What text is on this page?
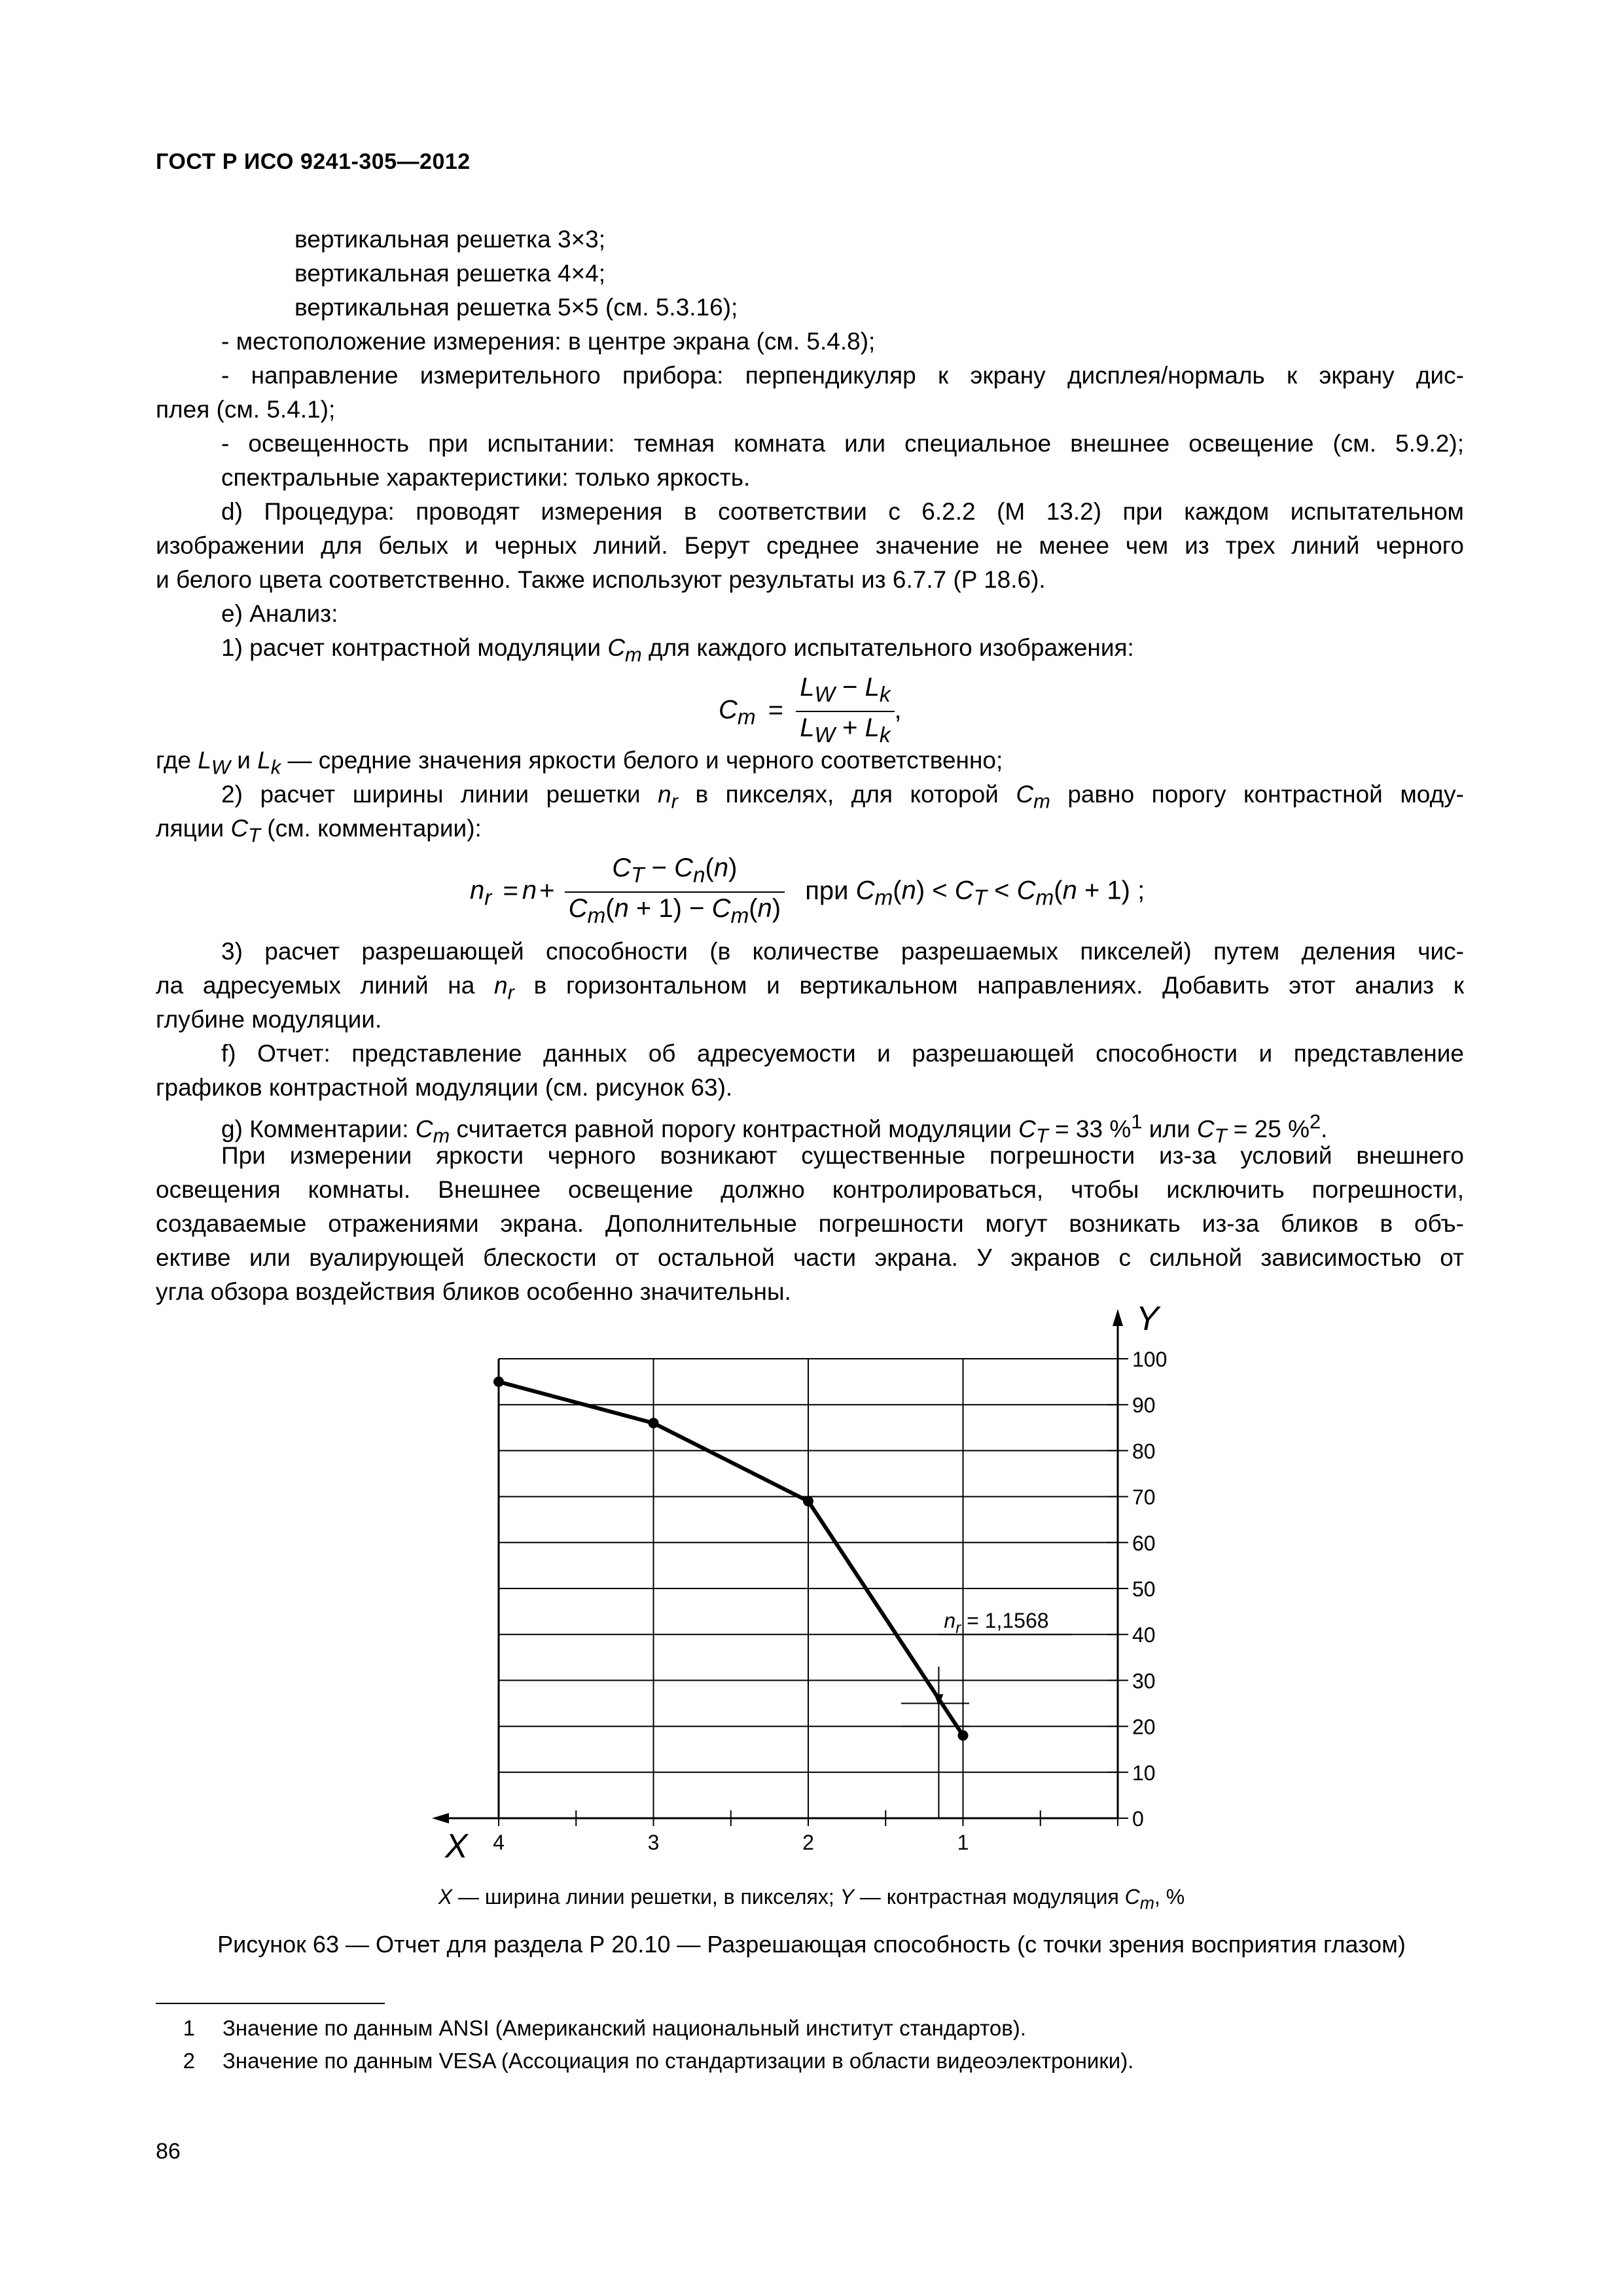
ГОСТ Р ИСО 9241-305—2012
вертикальная решетка 3×3;
вертикальная решетка 4×4;
вертикальная решетка 5×5 (см. 5.3.16);
- местоположение измерения: в центре экрана (см. 5.4.8);
- направление измерительного прибора: перпендикуляр к экрану дисплея/нормаль к экрану дис-
плея (см. 5.4.1);
- освещенность при испытании: темная комната или специальное внешнее освещение (см. 5.9.2);
спектральные характеристики: только яркость.
d) Процедура: проводят измерения в соответствии с 6.2.2 (М 13.2) при каждом испытательном
изображении для белых и черных линий. Берут среднее значение не менее чем из трех линий черного
и белого цвета соответственно. Также используют результаты из 6.7.7 (P 18.6).
e) Анализ:
1) расчет контрастной модуляции $C_m$ для каждого испытательного изображения:
$C_m = \frac{L_W - L_k}{L_W + L_k}$ ,
где $L_W$ и $L_k$ — средние значения яркости белого и черного соответственно;
2) расчет ширины линии решетки $n_r$ в пикселях, для которой $C_m$ равно порогу контрастной моду-
ляции $C_T$ (см. комментарии):
$n_r = n + \frac{C_T - C_n(n)}{C_m(n + 1) - C_m(n)}$ при $C_m(n) < C_T < C_m(n + 1)$ ;
3) расчет разрешающей способности (в количестве разрешаемых пикселей) путем деления чис-
ла адресуемых линий на $n_r$ в горизонтальном и вертикальном направлениях. Добавить этот анализ к
глубине модуляции.
f) Отчет: представление данных об адресуемости и разрешающей способности и представление
графиков контрастной модуляции (см. рисунок 63).
g) Комментарии: $C_m$ считается равной порогу контрастной модуляции $C_T = 33$ %$^1$ или $C_T = 25$ %$^2$.
При измерении яркости черного возникают существенные погрешности из-за условий внешнего
освещения комнаты. Внешнее освещение должно контролироваться, чтобы исключить погрешности,
создаваемые отражениями экрана. Дополнительные погрешности могут возникать из-за бликов в объ-
ективе или вуалирующей блескости от остальной части экрана. У экранов с сильной зависимостью от
угла обзора воздействия бликов особенно значительны.
0
10
20
30
40
50
60
70
80
90
100
4	3	2	1
X
Y
$n_r = 1,1568$
X — ширина линии решетки, в пикселях; Y — контрастная модуляция $C_m$, %
Рисунок 63 — Отчет для раздела Р 20.10 — Разрешающая способность (с точки зрения восприятия глазом)
1 Значение по данным ANSI (Американский национальный институт стандартов).
2 Значение по данным VESA (Ассоциация по стандартизации в области видеоэлектроники).
86
